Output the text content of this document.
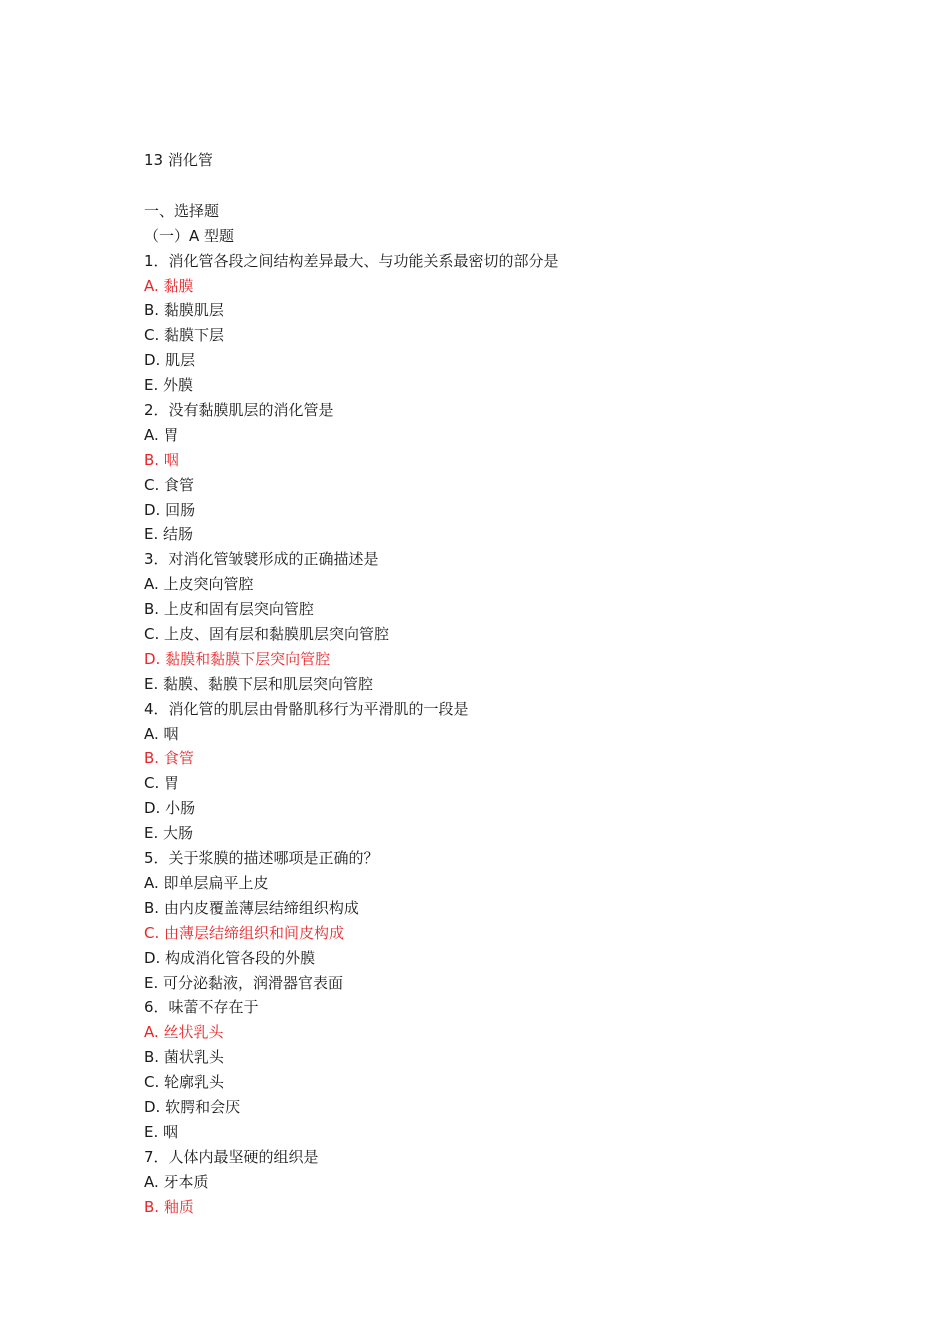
13 消化管
一、选择题
（一）A 型题
1．消化管各段之间结构差异最大、与功能关系最密切的部分是
A. 黏膜
B. 黏膜肌层
C. 黏膜下层
D. 肌层
E. 外膜
2．没有黏膜肌层的消化管是
A. 胃
B. 咽
C. 食管
D. 回肠
E. 结肠
3．对消化管皱襞形成的正确描述是
A. 上皮突向管腔
B. 上皮和固有层突向管腔
C. 上皮、固有层和黏膜肌层突向管腔
D. 黏膜和黏膜下层突向管腔
E. 黏膜、黏膜下层和肌层突向管腔
4．消化管的肌层由骨骼肌移行为平滑肌的一段是
A. 咽
B. 食管
C. 胃
D. 小肠
E. 大肠
5．关于浆膜的描述哪项是正确的？
A. 即单层扁平上皮
B. 由内皮覆盖薄层结缔组织构成
C. 由薄层结缔组织和间皮构成
D. 构成消化管各段的外膜
E. 可分泌黏液，润滑器官表面
6．味蕾不存在于
A. 丝状乳头
B. 菌状乳头
C. 轮廓乳头
D. 软腭和会厌
E. 咽
7．人体内最坚硬的组织是
A. 牙本质
B. 釉质
